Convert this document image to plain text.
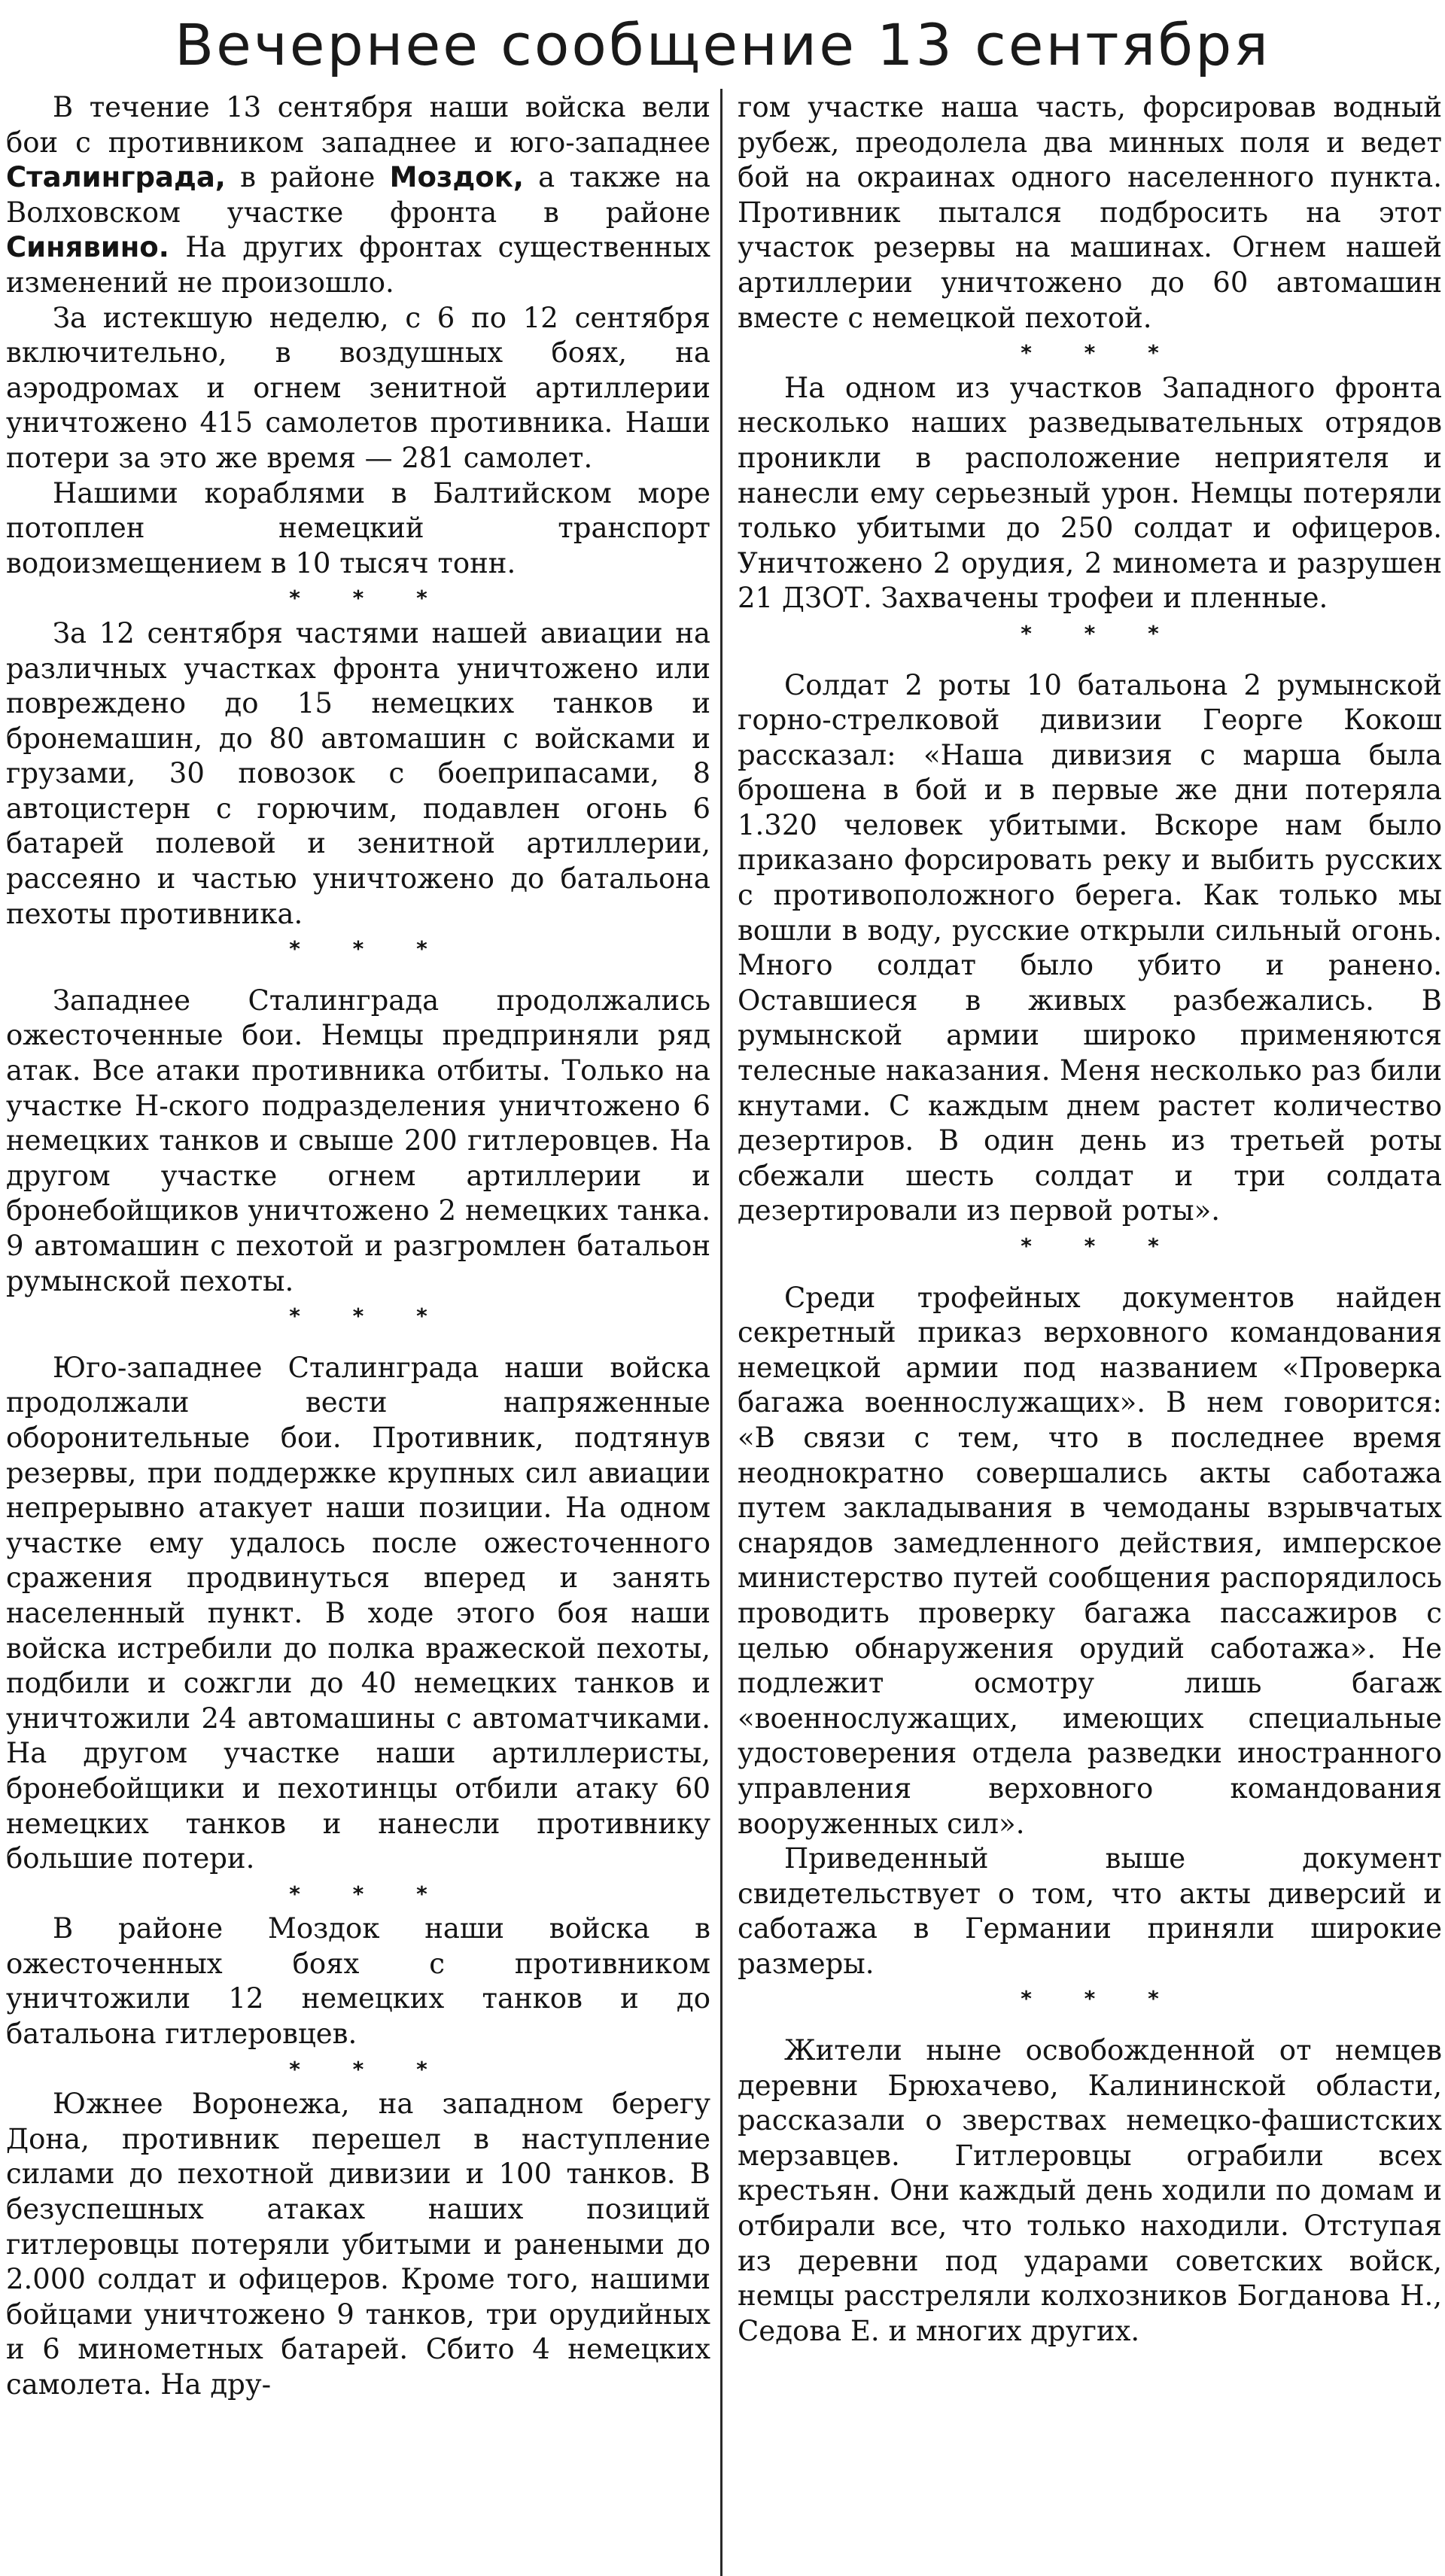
Вечернее сообщение 13 сентября

В течение 13 сентября наши войска вели бои с противником западнее и юго-западнее Сталинграда, в районе Моздок, а также на Волховском участке фронта в районе Синявино. На других фронтах существенных изменений не произошло.

За истекшую неделю, с 6 по 12 сентября включительно, в воздушных боях, на аэродромах и огнем зенитной артиллерии уничтожено 415 самолетов противника. Наши потери за это же время — 281 самолет.

Нашими кораблями в Балтийском море потоплен немецкий транспорт водоизмещением в 10 тысяч тонн.

* * *

За 12 сентября частями нашей авиации на различных участках фронта уничтожено или повреждено до 15 немецких танков и бронемашин, до 80 автомашин с войсками и грузами, 30 повозок с боеприпасами, 8 автоцистерн с горючим, подавлен огонь 6 батарей полевой и зенитной артиллерии, рассеяно и частью уничтожено до батальона пехоты противника.

* * *

Западнее Сталинграда продолжались ожесточенные бои. Немцы предприняли ряд атак. Все атаки противника отбиты. Только на участке Н-ского подразделения уничтожено 6 немецких танков и свыше 200 гитлеровцев. На другом участке огнем артиллерии и бронебойщиков уничтожено 2 немецких танка. 9 автомашин с пехотой и разгромлен батальон румынской пехоты.

* * *

Юго-западнее Сталинграда наши войска продолжали вести напряженные оборонительные бои. Противник, подтянув резервы, при поддержке крупных сил авиации непрерывно атакует наши позиции. На одном участке ему удалось после ожесточенного сражения продвинуться вперед и занять населенный пункт. В ходе этого боя наши войска истребили до полка вражеской пехоты, подбили и сожгли до 40 немецких танков и уничтожили 24 автомашины с автоматчиками. На другом участке наши артиллеристы, бронебойщики и пехотинцы отбили атаку 60 немецких танков и нанесли противнику большие потери.

* * *

В районе Моздок наши войска в ожесточенных боях с противником уничтожили 12 немецких танков и до батальона гитлеровцев.

* * *

Южнее Воронежа, на западном берегу Дона, противник перешел в наступление силами до пехотной дивизии и 100 танков. В безуспешных атаках наших позиций гитлеровцы потеряли убитыми и ранеными до 2.000 солдат и офицеров. Кроме того, нашими бойцами уничтожено 9 танков, три орудийных и 6 минометных батарей. Сбито 4 немецких самолета. На дру-

гом участке наша часть, форсировав водный рубеж, преодолела два минных поля и ведет бой на окраинах одного населенного пункта. Противник пытался подбросить на этот участок резервы на машинах. Огнем нашей артиллерии уничтожено до 60 автомашин вместе с немецкой пехотой.

* * *

На одном из участков Западного фронта несколько наших разведывательных отрядов проникли в расположение неприятеля и нанесли ему серьезный урон. Немцы потеряли только убитыми до 250 солдат и офицеров. Уничтожено 2 орудия, 2 миномета и разрушен 21 ДЗОТ. Захвачены трофеи и пленные.

* * *

Солдат 2 роты 10 батальона 2 румынской горно-стрелковой дивизии Георге Кокош рассказал: «Наша дивизия с марша была брошена в бой и в первые же дни потеряла 1.320 человек убитыми. Вскоре нам было приказано форсировать реку и выбить русских с противоположного берега. Как только мы вошли в воду, русские открыли сильный огонь. Много солдат было убито и ранено. Оставшиеся в живых разбежались. В румынской армии широко применяются телесные наказания. Меня несколько раз били кнутами. С каждым днем растет количество дезертиров. В один день из третьей роты сбежали шесть солдат и три солдата дезертировали из первой роты».

* * *

Среди трофейных документов найден секретный приказ верховного командования немецкой армии под названием «Проверка багажа военнослужащих». В нем говорится: «В связи с тем, что в последнее время неоднократно совершались акты саботажа путем закладывания в чемоданы взрывчатых снарядов замедленного действия, имперское министерство путей сообщения распорядилось проводить проверку багажа пассажиров с целью обнаружения орудий саботажа». Не подлежит осмотру лишь багаж «военнослужащих, имеющих специальные удостоверения отдела разведки иностранного управления верховного командования вооруженных сил».

Приведенный выше документ свидетельствует о том, что акты диверсий и саботажа в Германии приняли широкие размеры.

* * *

Жители ныне освобожденной от немцев деревни Брюхачево, Калининской области, рассказали о зверствах немецко-фашистских мерзавцев. Гитлеровцы ограбили всех крестьян. Они каждый день ходили по домам и отбирали все, что только находили. Отступая из деревни под ударами советских войск, немцы расстреляли колхозников Богданова Н., Седова Е. и многих других.
